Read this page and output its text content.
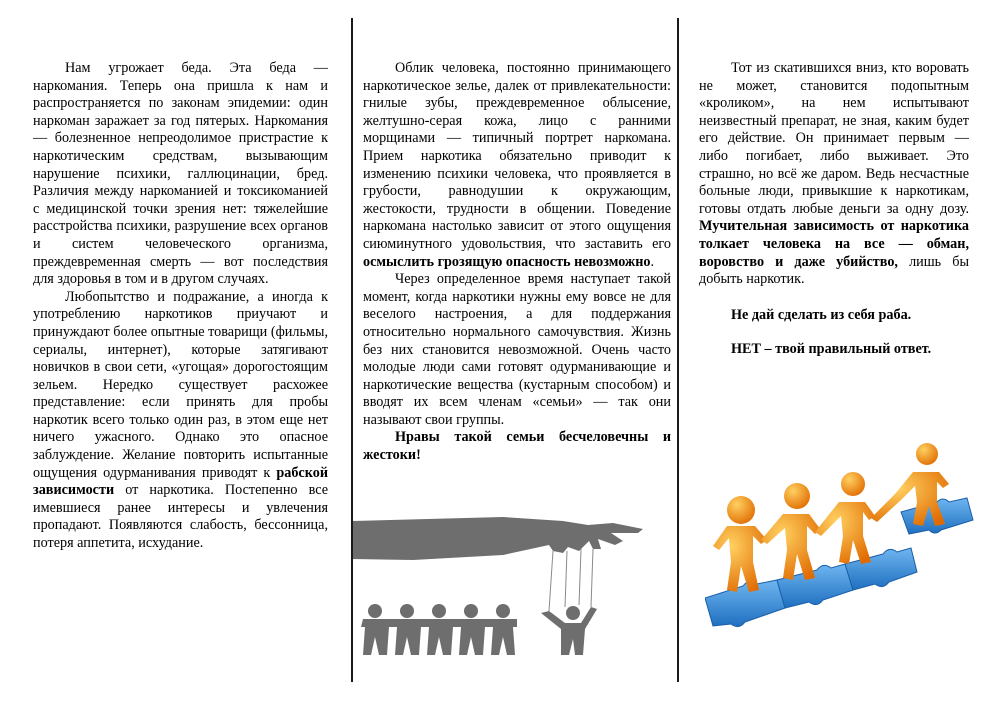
Нам угрожает беда. Эта беда — наркомания. Теперь она пришла к нам и распространяется по законам эпидемии: один наркоман заражает за год пятерых. Наркомания — болезненное непреодолимое пристрастие к наркотическим средствам, вызывающим нарушение психики, галлюцинации, бред. Различия между наркоманией и токсикоманией с медицинской точки зрения нет: тяжелейшие расстройства психики, разрушение всех органов и систем человеческого организма, преждевременная смерть — вот последствия для здоровья в том и в другом случаях.

Любопытство и подражание, а иногда к употреблению наркотиков приучают и принуждают более опытные товарищи (фильмы, сериалы, интернет), которые затягивают новичков в свои сети, «угощая» дорогостоящим зельем. Нередко существует расхожее представление: если принять для пробы наркотик всего только один раз, в этом еще нет ничего ужасного. Однако это опасное заблуждение. Желание повторить испытанные ощущения одурманивания приводят к рабской зависимости от наркотика. Постепенно все имевшиеся ранее интересы и увлечения пропадают. Появляются слабость, бессонница, потеря аппетита, исхудание.

Облик человека, постоянно принимающего наркотическое зелье, далек от привлекательности: гнилые зубы, преждевременное облысение, желтушно-серая кожа, лицо с ранними морщинами — типичный портрет наркомана. Прием наркотика обязательно приводит к изменению психики человека, что проявляется в грубости, равнодушии к окружающим, жестокости, трудности в общении. Поведение наркомана настолько зависит от этого ощущения сиюминутного удовольствия, что заставить его осмыслить грозящую опасность невозможно.

Через определенное время наступает такой момент, когда наркотики нужны ему вовсе не для веселого настроения, а для поддержания относительно нормального самочувствия. Жизнь без них становится невозможной. Очень часто молодые люди сами готовят одурманивающие и наркотические вещества (кустарным способом) и вводят их всем членам «семьи» — так они называют свои группы.

Нравы такой семьи бесчеловечны и жестоки!

Тот из скатившихся вниз, кто воровать не может, становится подопытным «кроликом», на нем испытывают неизвестный препарат, не зная, каким будет его действие. Он принимает первым — либо погибает, либо выживает. Это страшно, но всё же даром. Ведь несчастные больные люди, привыкшие к наркотикам, готовы отдать любые деньги за одну дозу. Мучительная зависимость от наркотика толкает человека на все — обман, воровство и даже убийство, лишь бы добыть наркотик.

Не дай сделать из себя раба.

НЕТ – твой правильный ответ.
